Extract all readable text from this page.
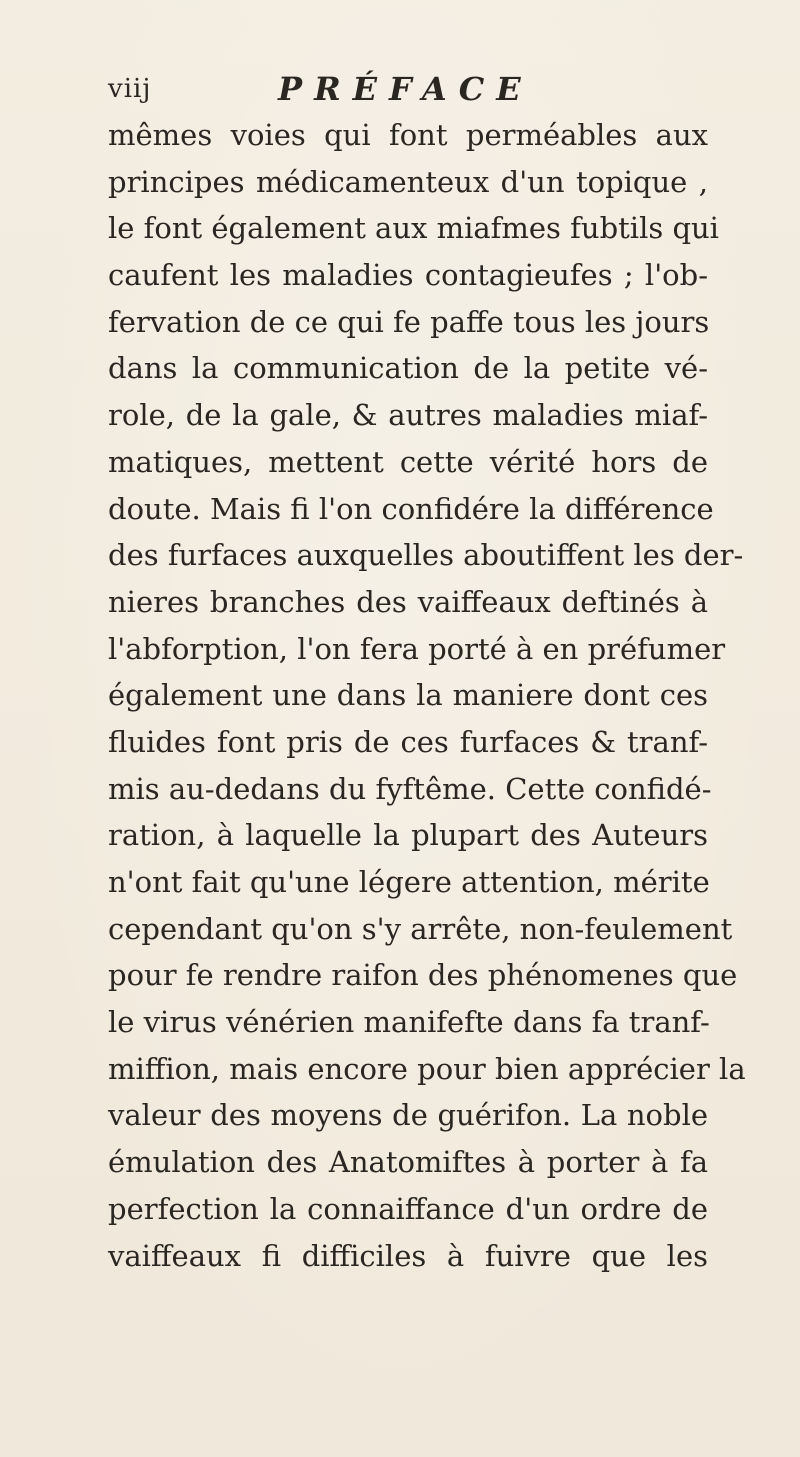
viij	PRÉFACE
mêmes voies qui font perméables aux
principes médicamenteux d'un topique ,
le font également aux miafmes fubtils qui
caufent les maladies contagieufes ; l'ob-
fervation de ce qui fe paffe tous les jours
dans la communication de la petite vé-
role, de la gale, & autres maladies miaf-
matiques, mettent cette vérité hors de
doute. Mais fi l'on confidére la différence
des furfaces auxquelles aboutiffent les der-
nieres branches des vaiffeaux deftinés à
l'abforption, l'on fera porté à en préfumer
également une dans la maniere dont ces
fluides font pris de ces furfaces & tranf-
mis au-dedans du fyftême. Cette confidé-
ration, à laquelle la plupart des Auteurs
n'ont fait qu'une légere attention, mérite
cependant qu'on s'y arrête, non-feulement
pour fe rendre raifon des phénomenes que
le virus vénérien manifefte dans fa tranf-
miffion, mais encore pour bien apprécier la
valeur des moyens de guérifon. La noble
émulation des Anatomiftes à porter à fa
perfection la connaiffance d'un ordre de
vaiffeaux fi difficiles à fuivre que les
